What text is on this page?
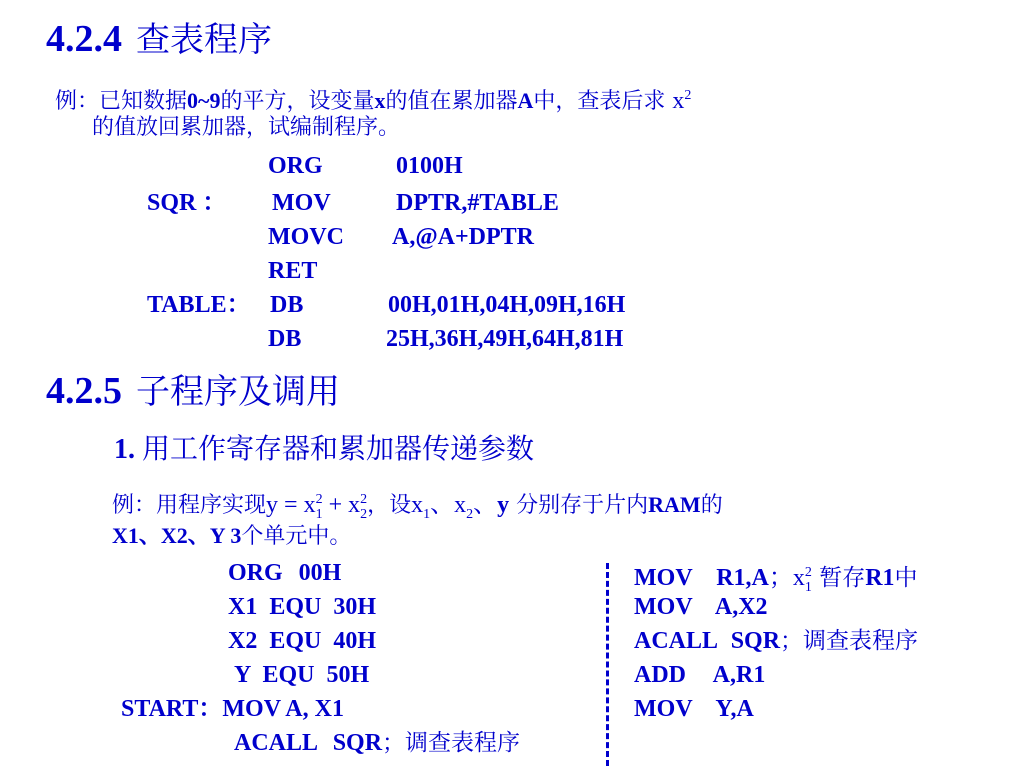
4.2.4 查表程序
例：已知数据0~9的平方，设变量x的值在累加器A中，查表后求 $x^2$
的值放回累加器，试编制程序。
ORG	0100H
SQR ： MOV	DPTR,#TABLE
MOVC A,@A+DPTR
RET
TABLE： DB	00H,01H,04H,09H,16H
DB	25H,36H,49H,64H,81H
4.2.5 子程序及调用
1. 用工作寄存器和累加器传递参数
例：用程序实现$y = x^2_1 + x^2_2$，设$x_1$、$x_2$、y 分别存于片内RAM的
X1、X2、Y 3个单元中。
ORG 00H
X1 EQU 30H
X2 EQU 40H
Y EQU 50H
START：MOV A, X1
ACALL SQR；调查表程序
MOV R1,A；$x^2_1$ 暂存R1中
MOV A,X2
ACALL SQR；调查表程序
ADD A,R1
MOV Y,A
